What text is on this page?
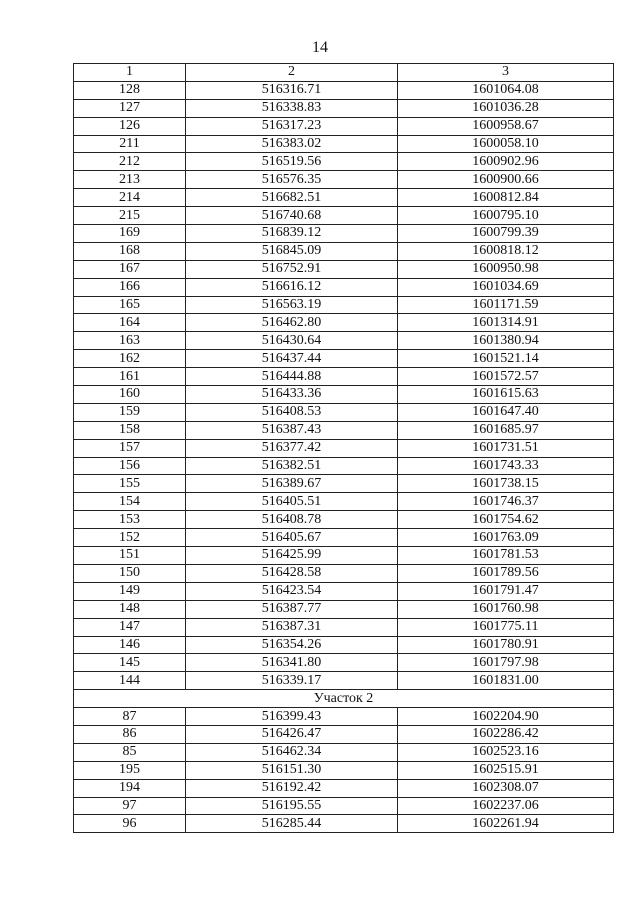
14
1	2	3
128	516316.71	1601064.08
127	516338.83	1601036.28
126	516317.23	1600958.67
211	516383.02	1600058.10
212	516519.56	1600902.96
213	516576.35	1600900.66
214	516682.51	1600812.84
215	516740.68	1600795.10
169	516839.12	1600799.39
168	516845.09	1600818.12
167	516752.91	1600950.98
166	516616.12	1601034.69
165	516563.19	1601171.59
164	516462.80	1601314.91
163	516430.64	1601380.94
162	516437.44	1601521.14
161	516444.88	1601572.57
160	516433.36	1601615.63
159	516408.53	1601647.40
158	516387.43	1601685.97
157	516377.42	1601731.51
156	516382.51	1601743.33
155	516389.67	1601738.15
154	516405.51	1601746.37
153	516408.78	1601754.62
152	516405.67	1601763.09
151	516425.99	1601781.53
150	516428.58	1601789.56
149	516423.54	1601791.47
148	516387.77	1601760.98
147	516387.31	1601775.11
146	516354.26	1601780.91
145	516341.80	1601797.98
144	516339.17	1601831.00
Участок 2		
87	516399.43	1602204.90
86	516426.47	1602286.42
85	516462.34	1602523.16
195	516151.30	1602515.91
194	516192.42	1602308.07
97	516195.55	1602237.06
96	516285.44	1602261.94
